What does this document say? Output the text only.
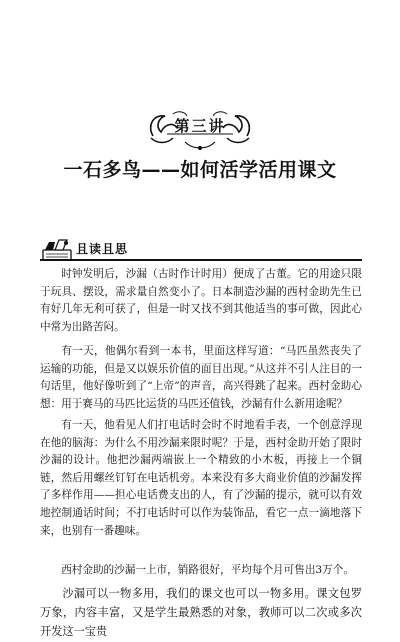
第三讲
一石多鸟——如何活学活用课文
且读且思

时钟发明后，沙漏（古时作计时用）便成了古董。它的用途只限于玩具、摆设，需求量自然变小了。日本制造沙漏的西村金助先生已有好几年无利可获了，但是一时又找不到其他适当的事可做，因此心中常为出路苦闷。

有一天，他偶尔看到一本书，里面这样写道：“马匹虽然丧失了运输的功能，但是又以娱乐价值的面目出现。”从这并不引人注目的一句话里，他好像听到了“上帝”的声音，高兴得跳了起来。西村金助心想：用于赛马的马匹比运货的马匹还值钱，沙漏有什么新用途呢？

有一天，他看见人们打电话时会时不时地看手表，一个创意浮现在他的脑海：为什么不用沙漏来限时呢？于是，西村金助开始了限时沙漏的设计。他把沙漏两端嵌上一个精致的小木板，再接上一个铜链，然后用螺丝钉钉在电话机旁。本来没有多大商业价值的沙漏发挥了多样作用——担心电话费支出的人，有了沙漏的提示，就可以有效地控制通话时间；不打电话时可以作为装饰品，看它一点一滴地落下来，也别有一番趣味。

西村金助的沙漏一上市，销路很好，平均每个月可售出3万个。

沙漏可以一物多用，我们的课文也可以一物多用。课文包罗万象，内容丰富，又是学生最熟悉的对象，教师可以二次或多次开发这一宝贵
